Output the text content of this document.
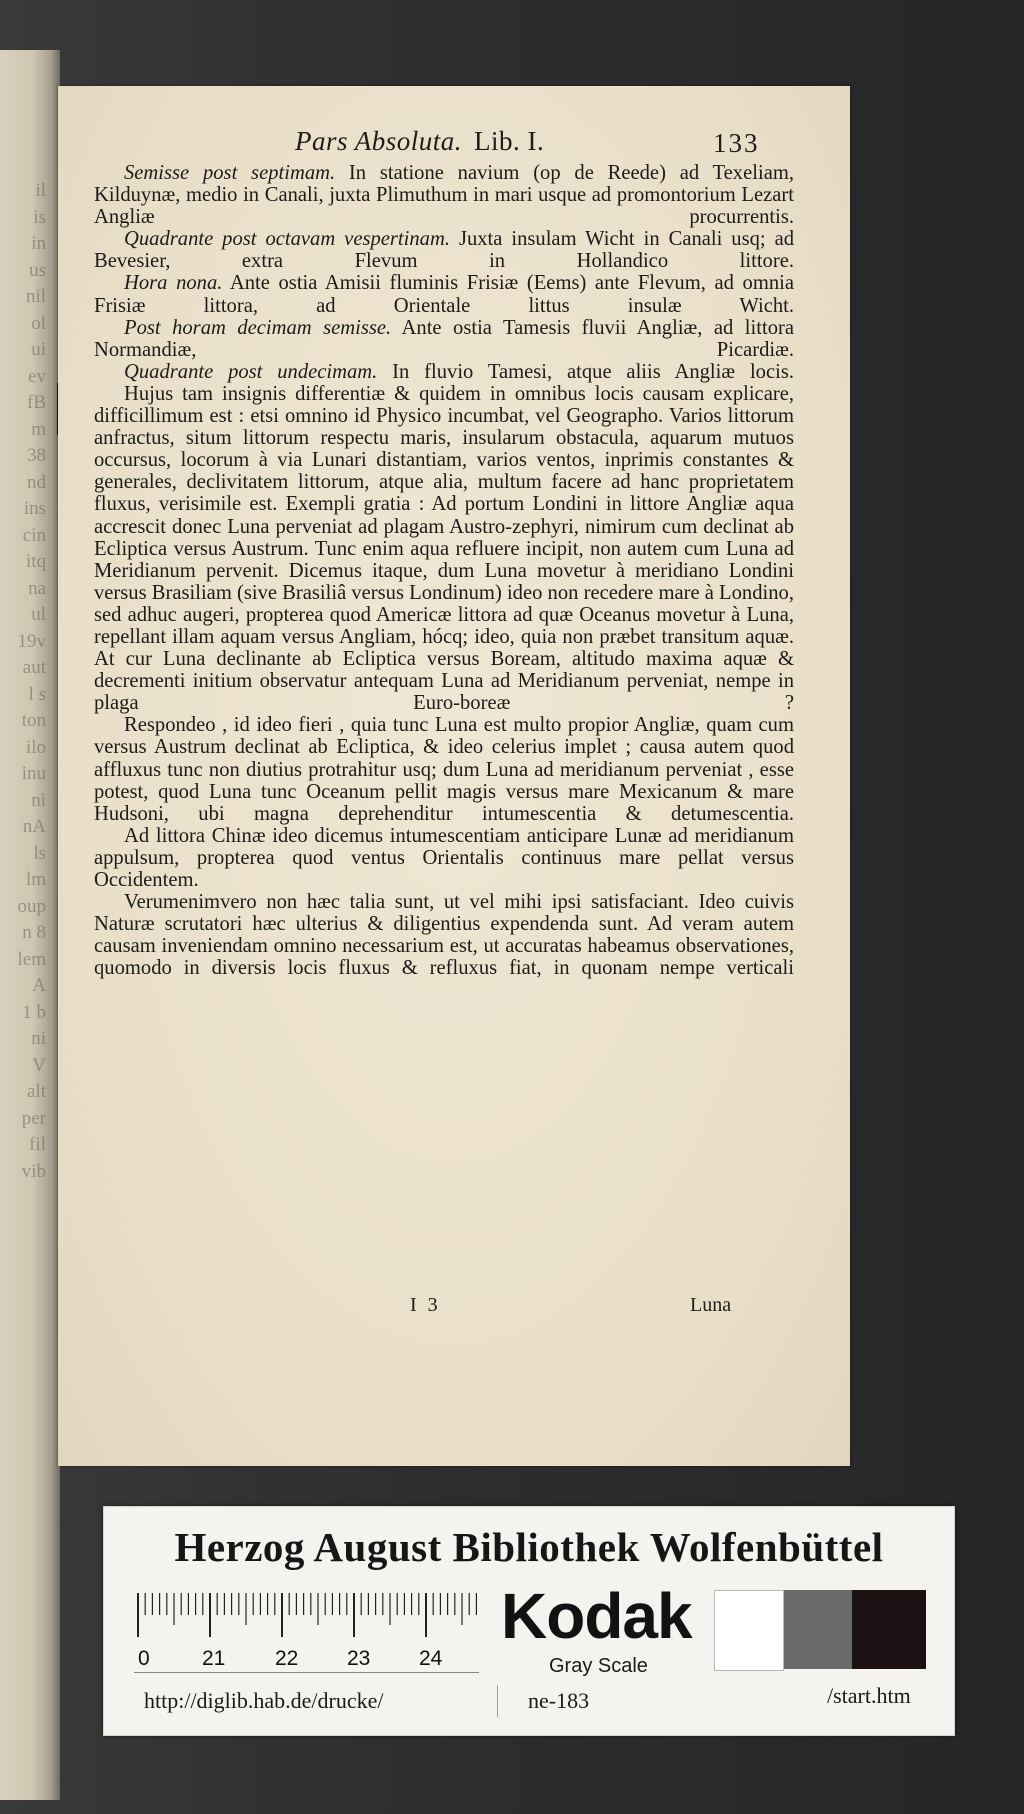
il
is
in
us
nil
ol
ui
ev
fB
m
38
nd
ins
cin
itq
na
ul
19v
aut
l s
ton
ilo
inu
ni
nA
ls
lm
oup
n 8
lem
A
1 b
ni
V
alt
per
fil
vib
Pars Absoluta. Lib. I.	133

Semisse post septimam. In statione navium (op de Reede) ad Texeliam, Kilduynæ, medio in Canali, juxta Plimuthum in mari usque ad promontorium Lezart Angliæ procurrentis.

Quadrante post octavam vespertinam. Juxta insulam Wicht in Canali usq; ad Bevesier, extra Flevum in Hollandico littore.

Hora nona. Ante ostia Amisii fluminis Frisiæ (Eems) ante Flevum, ad omnia Frisiæ littora, ad Orientale littus insulæ Wicht.

Post horam decimam semisse. Ante ostia Tamesis fluvii Angliæ, ad littora Normandiæ, Picardiæ.

Quadrante post undecimam. In fluvio Tamesi, atque aliis Angliæ locis.

Hujus tam insignis differentiæ & quidem in omnibus locis causam explicare, difficillimum est : etsi omnino id Physico incumbat, vel Geographo. Varios littorum anfractus, situm littorum respectu maris, insularum obstacula, aquarum mutuos occursus, locorum à via Lunari distantiam, varios ventos, inprimis constantes & generales, declivitatem littorum, atque alia, multum facere ad hanc proprietatem fluxus, verisimile est. Exempli gratia : Ad portum Londini in littore Angliæ aqua accrescit donec Luna perveniat ad plagam Austro-zephyri, nimirum cum declinat ab Ecliptica versus Austrum. Tunc enim aqua refluere incipit, non autem cum Luna ad Meridianum pervenit. Dicemus itaque, dum Luna movetur à meridiano Londini versus Brasiliam (sive Brasiliâ versus Londinum) ideo non recedere mare à Londino, sed adhuc augeri, propterea quod Americæ littora ad quæ Oceanus movetur à Luna, repellant illam aquam versus Angliam, hócq; ideo, quia non præbet transitum aquæ. At cur Luna declinante ab Ecliptica versus Boream, altitudo maxima aquæ & decrementi initium observatur antequam Luna ad Meridianum perveniat, nempe in plaga Euro-boreæ ?

Respondeo , id ideo fieri , quia tunc Luna est multo propior Angliæ, quam cum versus Austrum declinat ab Ecliptica, & ideo celerius implet ; causa autem quod affluxus tunc non diutius protrahitur usq; dum Luna ad meridianum perveniat , esse potest, quod Luna tunc Oceanum pellit magis versus mare Mexicanum & mare Hudsoni, ubi magna deprehenditur intumescentia & detumescentia.

Ad littora Chinæ ideo dicemus intumescentiam anticipare Lunæ ad meridianum appulsum, propterea quod ventus Orientalis continuus mare pellat versus Occidentem.

Verumenimvero non hæc talia sunt, ut vel mihi ipsi satisfaciant. Ideo cuivis Naturæ scrutatori hæc ulterius & diligentius expendenda sunt. Ad veram autem causam inveniendam omnino necessarium est, ut accuratas habeamus observationes, quomodo in diversis locis fluxus & refluxus fiat, in quonam nempe verticali

I 3	Luna
Herzog August Bibliothek Wolfenbüttel
0 21 22 23 24
Kodak
Gray Scale
http://diglib.hab.de/drucke/	ne-183	/start.htm
